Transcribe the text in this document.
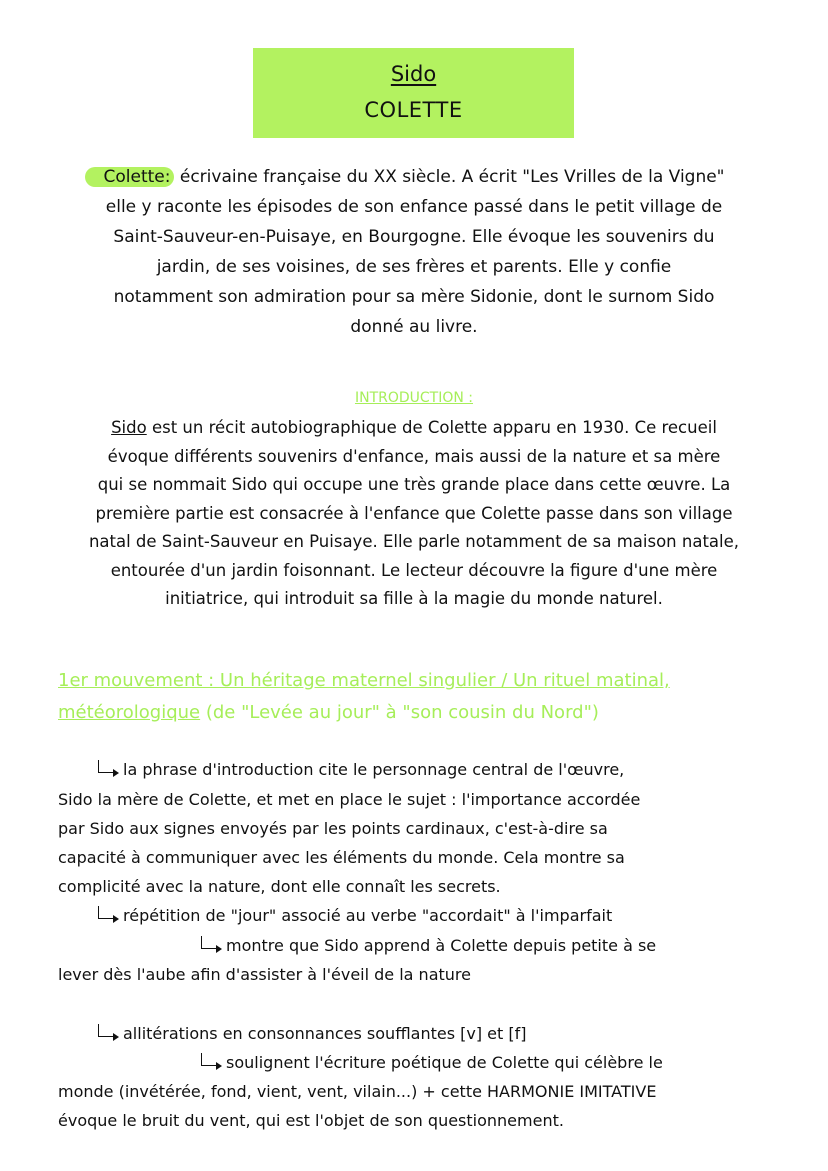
Sido
COLETTE
Colette: écrivaine française du XX siècle. A écrit "Les Vrilles de la Vigne"
elle y raconte les épisodes de son enfance passé dans le petit village de
Saint-Sauveur-en-Puisaye, en Bourgogne. Elle évoque les souvenirs du
jardin, de ses voisines, de ses frères et parents. Elle y confie
notamment son admiration pour sa mère Sidonie, dont le surnom Sido
donné au livre.
INTRODUCTION :
Sido est un récit autobiographique de Colette apparu en 1930. Ce recueil
évoque différents souvenirs d'enfance, mais aussi de la nature et sa mère
qui se nommait Sido qui occupe une très grande place dans cette œuvre. La
première partie est consacrée à l'enfance que Colette passe dans son village
natal de Saint-Sauveur en Puisaye. Elle parle notamment de sa maison natale,
entourée d'un jardin foisonnant. Le lecteur découvre la figure d'une mère
initiatrice, qui introduit sa fille à la magie du monde naturel.
1er mouvement : Un héritage maternel singulier / Un rituel matinal,
météorologique (de "Levée au jour" à "son cousin du Nord")
la phrase d'introduction cite le personnage central de l'œuvre,
Sido la mère de Colette, et met en place le sujet : l'importance accordée
par Sido aux signes envoyés par les points cardinaux, c'est-à-dire sa
capacité à communiquer avec les éléments du monde. Cela montre sa
complicité avec la nature, dont elle connaît les secrets.
répétition de "jour" associé au verbe "accordait" à l'imparfait
montre que Sido apprend à Colette depuis petite à se
lever dès l'aube afin d'assister à l'éveil de la nature
allitérations en consonnances soufflantes [v] et [f]
soulignent l'écriture poétique de Colette qui célèbre le
monde (invétérée, fond, vient, vent, vilain...) + cette HARMONIE IMITATIVE
évoque le bruit du vent, qui est l'objet de son questionnement.
